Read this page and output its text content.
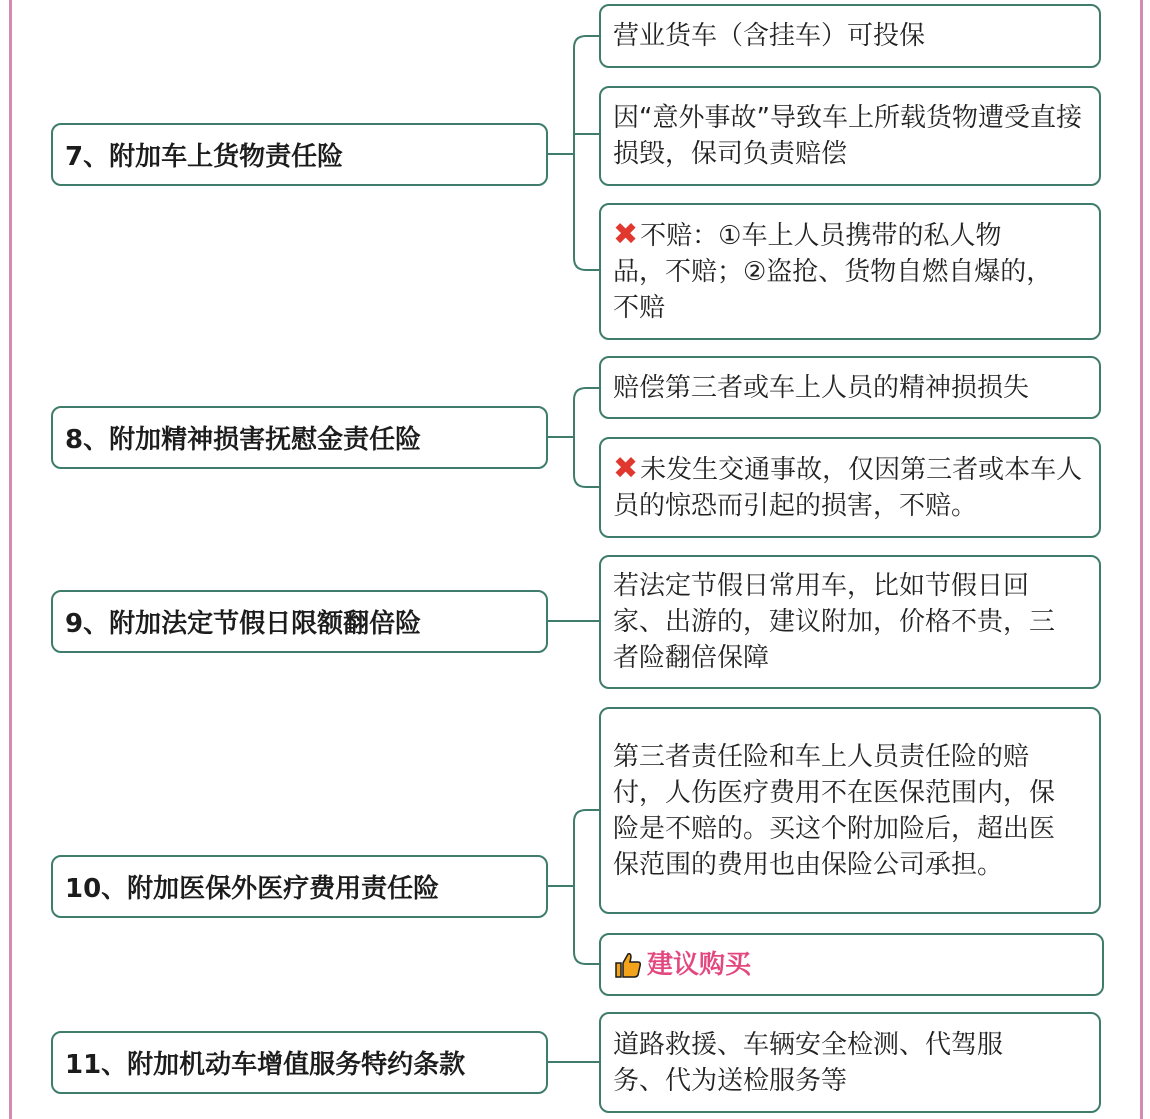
7、附加车上货物责任险
营业货车（含挂车）可投保
因“意外事故”导致车上所载货物遭受直接损毁，保司负责赔偿
✖不赔：①车上人员携带的私人物品，不赔；②盗抢、货物自燃自爆的，不赔
8、附加精神损害抚慰金责任险
赔偿第三者或车上人员的精神损损失
✖未发生交通事故，仅因第三者或本车人员的惊恐而引起的损害，不赔。
9、附加法定节假日限额翻倍险
若法定节假日常用车，比如节假日回家、出游的，建议附加，价格不贵，三者险翻倍保障
10、附加医保外医疗费用责任险
第三者责任险和车上人员责任险的赔付，人伤医疗费用不在医保范围内，保险是不赔的。买这个附加险后，超出医保范围的费用也由保险公司承担。
建议购买
11、附加机动车增值服务特约条款
道路救援、车辆安全检测、代驾服务、代为送检服务等
